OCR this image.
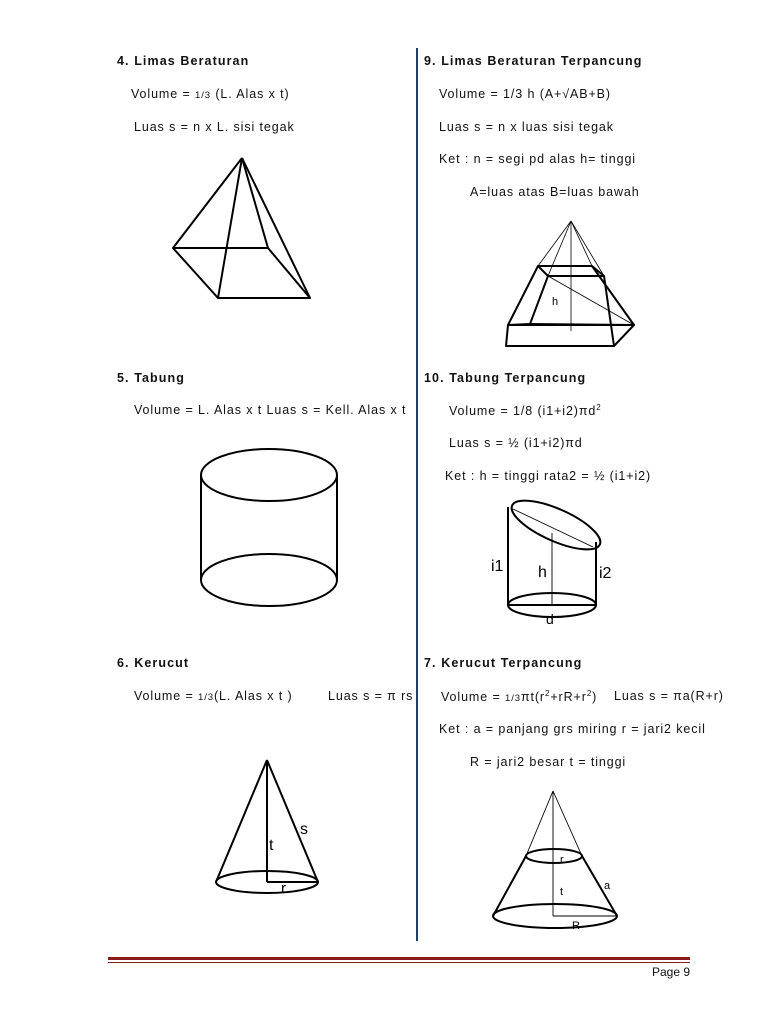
4. Limas Beraturan
Volume = 1/3 (L. Alas x t)
Luas s = n x L. sisi tegak
5. Tabung
Volume = L. Alas x t Luas s = Kell. Alas x t
6. Kerucut
Volume = 1/3(L. Alas x t )	Luas s = π rs
t
s
r
9. Limas Beraturan Terpancung
Volume = 1/3 h (A+√AB+B)
Luas s = n x luas sisi tegak
Ket : n = segi pd alas h= tinggi
A=luas atas B=luas bawah
h
10. Tabung Terpancung
Volume = 1/8 $(i1+i2)\pi d^2$
Luas s = ½ (i1+i2)πd
Ket : h = tinggi rata2 = ½ (i1+i2)
i1 h	i2
d
7. Kerucut Terpancung
Volume = $1/3\pi t(r^2+rR+r^2)$ Luas s = πa(R+r)
Ket : a = panjang grs miring r = jari2 kecil
R = jari2 besar t = tinggi
r
t	a
R
Page 9
